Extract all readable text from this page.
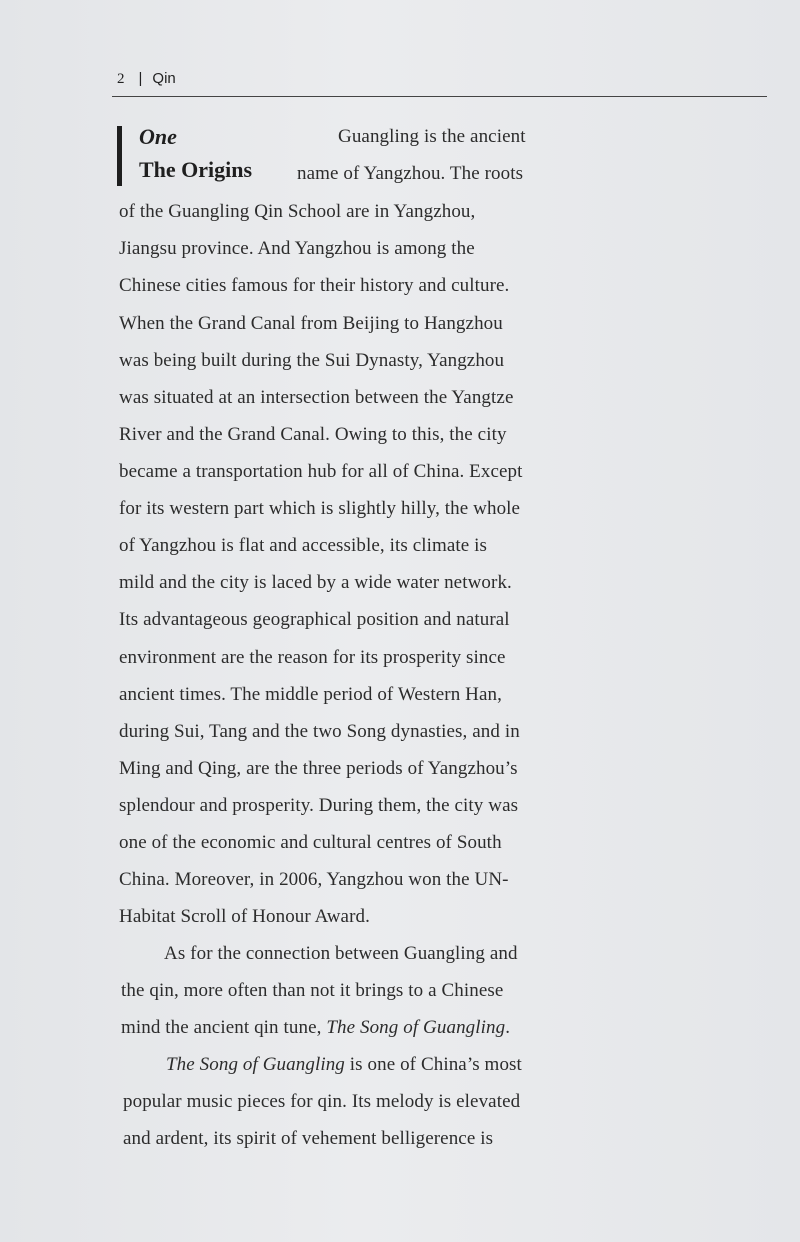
2 | Qin
One
The Origins
Guangling is the ancient
name of Yangzhou. The roots
of the Guangling Qin School are in Yangzhou,
Jiangsu province. And Yangzhou is among the
Chinese cities famous for their history and culture.
When the Grand Canal from Beijing to Hangzhou
was being built during the Sui Dynasty, Yangzhou
was situated at an intersection between the Yangtze
River and the Grand Canal. Owing to this, the city
became a transportation hub for all of China. Except
for its western part which is slightly hilly, the whole
of Yangzhou is flat and accessible, its climate is
mild and the city is laced by a wide water network.
Its advantageous geographical position and natural
environment are the reason for its prosperity since
ancient times. The middle period of Western Han,
during Sui, Tang and the two Song dynasties, and in
Ming and Qing, are the three periods of Yangzhou’s
splendour and prosperity. During them, the city was
one of the economic and cultural centres of South
China. Moreover, in 2006, Yangzhou won the UN-
Habitat Scroll of Honour Award.
As for the connection between Guangling and
the qin, more often than not it brings to a Chinese
mind the ancient qin tune, The Song of Guangling.
The Song of Guangling is one of China’s most
popular music pieces for qin. Its melody is elevated
and ardent, its spirit of vehement belligerence is
